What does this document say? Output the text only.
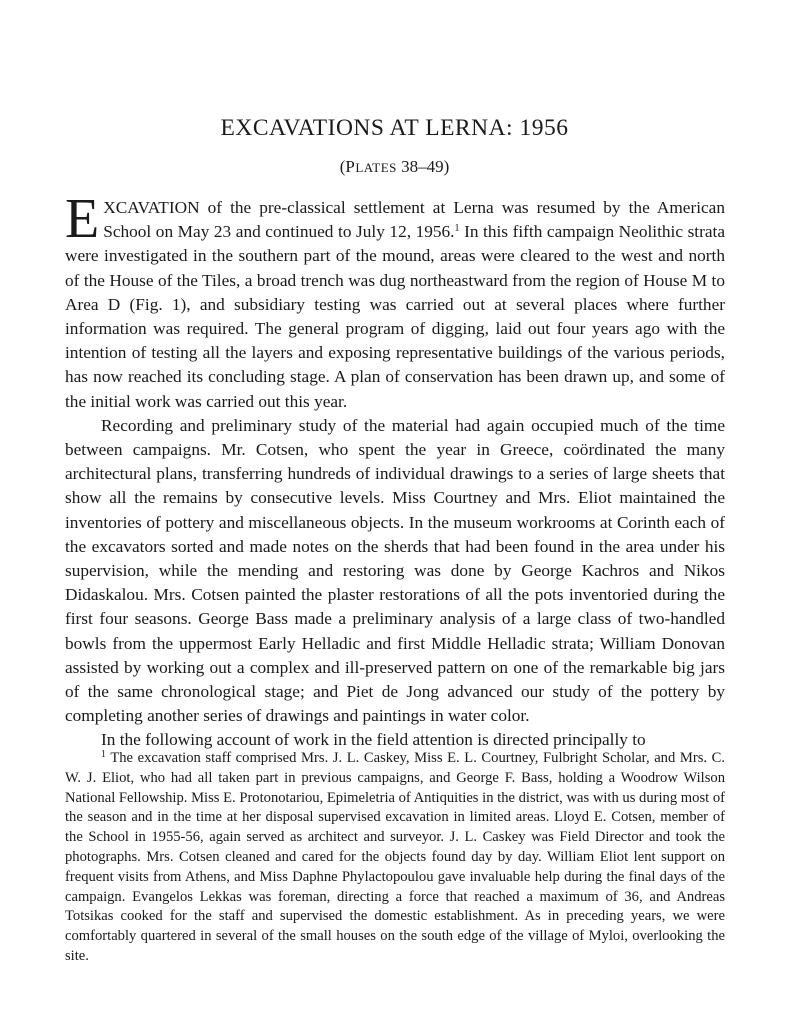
EXCAVATIONS AT LERNA: 1956
(PLATES 38–49)

EXCAVATION of the pre-classical settlement at Lerna was resumed by the American School on May 23 and continued to July 12, 1956.$^1$ In this fifth campaign Neolithic strata were investigated in the southern part of the mound, areas were cleared to the west and north of the House of the Tiles, a broad trench was dug northeastward from the region of House M to Area D (Fig. 1), and subsidiary testing was carried out at several places where further information was required. The general program of digging, laid out four years ago with the intention of testing all the layers and exposing representative buildings of the various periods, has now reached its concluding stage. A plan of conservation has been drawn up, and some of the initial work was carried out this year.

Recording and preliminary study of the material had again occupied much of the time between campaigns. Mr. Cotsen, who spent the year in Greece, coördinated the many architectural plans, transferring hundreds of individual drawings to a series of large sheets that show all the remains by consecutive levels. Miss Courtney and Mrs. Eliot maintained the inventories of pottery and miscellaneous objects. In the museum workrooms at Corinth each of the excavators sorted and made notes on the sherds that had been found in the area under his supervision, while the mending and restoring was done by George Kachros and Nikos Didaskalou. Mrs. Cotsen painted the plaster restorations of all the pots inventoried during the first four seasons. George Bass made a preliminary analysis of a large class of two-handled bowls from the uppermost Early Helladic and first Middle Helladic strata; William Donovan assisted by working out a complex and ill-preserved pattern on one of the remarkable big jars of the same chronological stage; and Piet de Jong advanced our study of the pottery by completing another series of drawings and paintings in water color.

In the following account of work in the field attention is directed principally to

$^1$ The excavation staff comprised Mrs. J. L. Caskey, Miss E. L. Courtney, Fulbright Scholar, and Mrs. C. W. J. Eliot, who had all taken part in previous campaigns, and George F. Bass, holding a Woodrow Wilson National Fellowship. Miss E. Protonotariou, Epimeletria of Antiquities in the district, was with us during most of the season and in the time at her disposal supervised excavation in limited areas. Lloyd E. Cotsen, member of the School in 1955-56, again served as architect and surveyor. J. L. Caskey was Field Director and took the photographs. Mrs. Cotsen cleaned and cared for the objects found day by day. William Eliot lent support on frequent visits from Athens, and Miss Daphne Phylactopoulou gave invaluable help during the final days of the campaign. Evangelos Lekkas was foreman, directing a force that reached a maximum of 36, and Andreas Totsikas cooked for the staff and supervised the domestic establishment. As in preceding years, we were comfortably quartered in several of the small houses on the south edge of the village of Myloi, overlooking the site.
